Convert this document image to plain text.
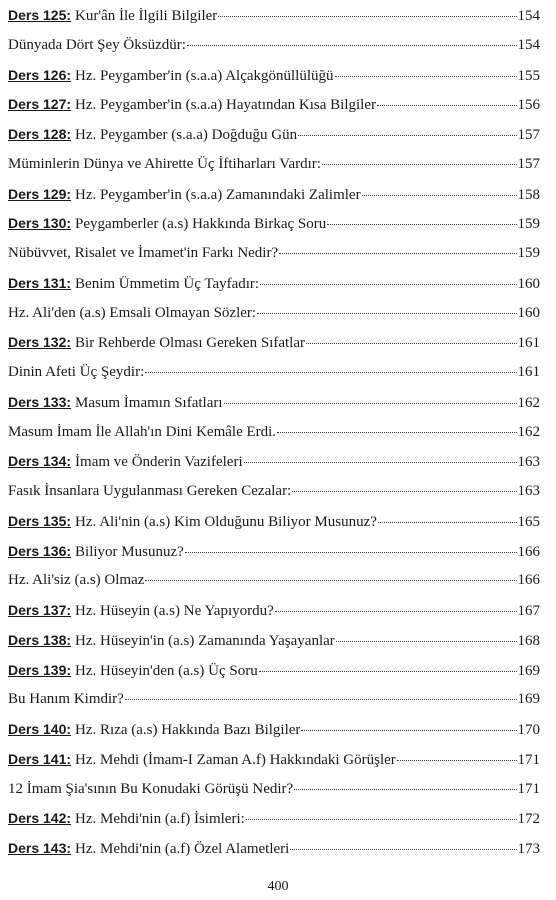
Ders 125: Kur'ân İle İlgili Bilgiler	154
Dünyada Dört Şey Öksüzdür:	154
Ders 126: Hz. Peygamber'in (s.a.a) Alçakgönüllülüğü	155
Ders 127: Hz. Peygamber'in (s.a.a) Hayatından Kısa Bilgiler	156
Ders 128: Hz. Peygamber (s.a.a) Doğduğu Gün	157
Müminlerin Dünya ve Ahirette Üç İftiharları Vardır:	157
Ders 129: Hz. Peygamber'in (s.a.a) Zamanındaki Zalimler	158
Ders 130: Peygamberler (a.s) Hakkında Birkaç Soru	159
Nübüvvet, Risalet ve İmamet'in Farkı Nedir?	159
Ders 131: Benim Ümmetim Üç Tayfadır:	160
Hz. Ali'den (a.s) Emsali Olmayan Sözler:	160
Ders 132: Bir Rehberde Olması Gereken Sıfatlar	161
Dinin Afeti Üç Şeydir:	161
Ders 133: Masum İmamın Sıfatları	162
Masum İmam İle Allah'ın Dini Kemâle Erdi.	162
Ders 134: İmam ve Önderin Vazifeleri	163
Fasık İnsanlara Uygulanması Gereken Cezalar:	163
Ders 135: Hz. Ali'nin (a.s) Kim Olduğunu Biliyor Musunuz?	165
Ders 136: Biliyor Musunuz?	166
Hz. Ali'siz (a.s) Olmaz	166
Ders 137: Hz. Hüseyin (a.s) Ne Yapıyordu?	167
Ders 138: Hz. Hüseyin'in (a.s) Zamanında Yaşayanlar	168
Ders 139: Hz. Hüseyin'den (a.s) Üç Soru	169
Bu Hanım Kimdir?	169
Ders 140: Hz. Rıza (a.s) Hakkında Bazı Bilgiler	170
Ders 141: Hz. Mehdi (İmam-I Zaman A.f) Hakkındaki Görüşler	171
12 İmam Şia'sının Bu Konudaki Görüşü Nedir?	171
Ders 142: Hz. Mehdi'nin (a.f) İsimleri:	172
Ders 143: Hz. Mehdi'nin (a.f) Özel Alametleri	173
400
